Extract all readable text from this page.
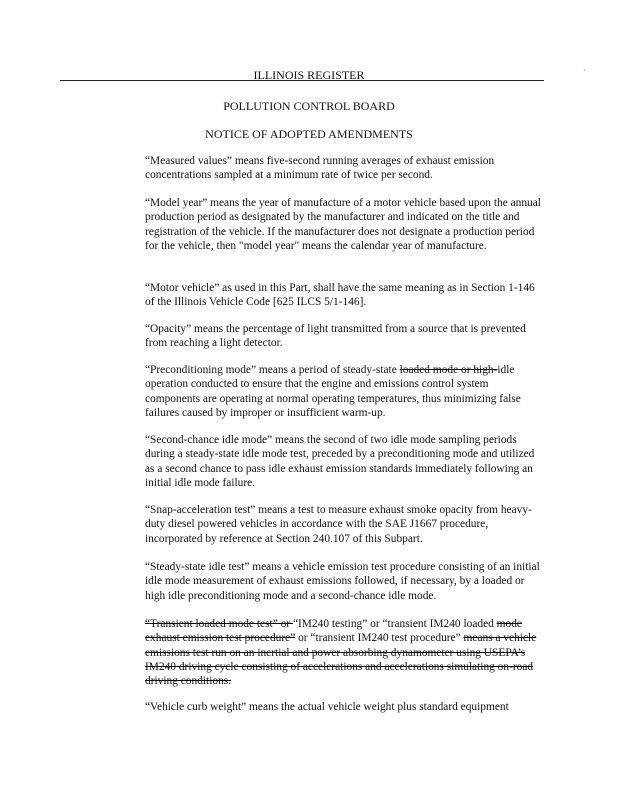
·
ILLINOIS REGISTER
POLLUTION CONTROL BOARD
NOTICE OF ADOPTED AMENDMENTS

“Measured values” means five-second running averages of exhaust emission concentrations sampled at a minimum rate of twice per second.

“Model year” means the year of manufacture of a motor vehicle based upon the annual production period as designated by the manufacturer and indicated on the title and registration of the vehicle. If the manufacturer does not designate a production period for the vehicle, then "model year" means the calendar year of manufacture.

“Motor vehicle” as used in this Part, shall have the same meaning as in Section 1-146 of the Illinois Vehicle Code [625 ILCS 5/1-146].

“Opacity” means the percentage of light transmitted from a source that is prevented from reaching a light detector.

“Preconditioning mode” means a period of steady-state loaded mode or high-idle operation conducted to ensure that the engine and emissions control system components are operating at normal operating temperatures, thus minimizing false failures caused by improper or insufficient warm-up.

“Second-chance idle mode” means the second of two idle mode sampling periods during a steady-state idle mode test, preceded by a preconditioning mode and utilized as a second chance to pass idle exhaust emission standards immediately following an initial idle mode failure.

“Snap-acceleration test” means a test to measure exhaust smoke opacity from heavy-duty diesel powered vehicles in accordance with the SAE J1667 procedure, incorporated by reference at Section 240.107 of this Subpart.

“Steady-state idle test” means a vehicle emission test procedure consisting of an initial idle mode measurement of exhaust emissions followed, if necessary, by a loaded or high idle preconditioning mode and a second-chance idle mode.

“Transient loaded mode test” or “IM240 testing” or “transient IM240 loaded mode exhaust emission test procedure” or “transient IM240 test procedure” means a vehicle emissions test run on an inertial and power absorbing dynamometer using USEPA’s IM240 driving cycle consisting of accelerations and accelerations simulating on-road driving conditions.

“Vehicle curb weight” means the actual vehicle weight plus standard equipment
